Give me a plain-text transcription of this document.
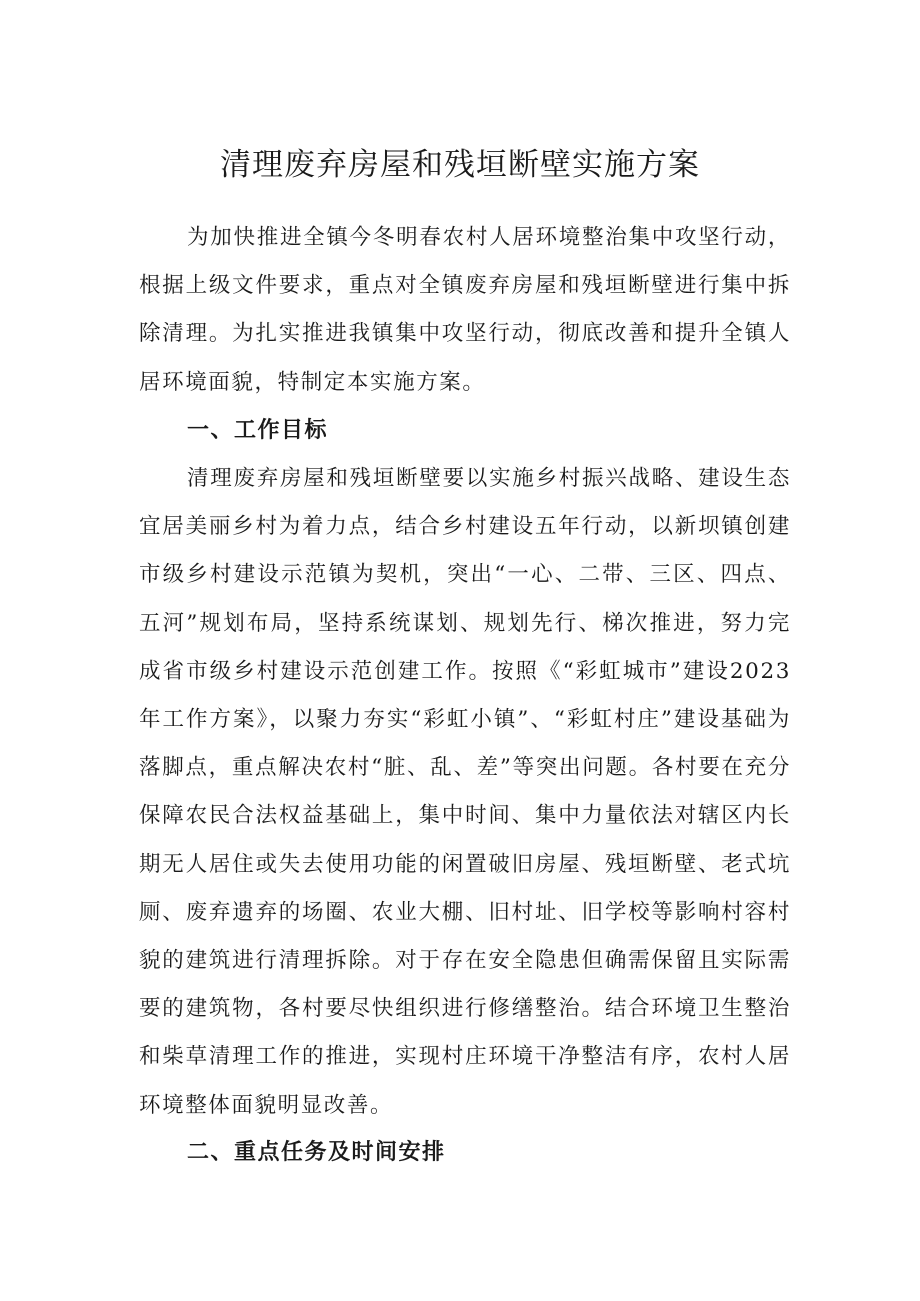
清理废弃房屋和残垣断壁实施方案

为加快推进全镇今冬明春农村人居环境整治集中攻坚行动，根据上级文件要求，重点对全镇废弃房屋和残垣断壁进行集中拆除清理。为扎实推进我镇集中攻坚行动，彻底改善和提升全镇人居环境面貌，特制定本实施方案。

一、工作目标

清理废弃房屋和残垣断壁要以实施乡村振兴战略、建设生态宜居美丽乡村为着力点，结合乡村建设五年行动，以新坝镇创建市级乡村建设示范镇为契机，突出“一心、二带、三区、四点、五河”规划布局，坚持系统谋划、规划先行、梯次推进，努力完成省市级乡村建设示范创建工作。按照《“彩虹城市”建设2023年工作方案》，以聚力夯实“彩虹小镇”、“彩虹村庄”建设基础为落脚点，重点解决农村“脏、乱、差”等突出问题。各村要在充分保障农民合法权益基础上，集中时间、集中力量依法对辖区内长期无人居住或失去使用功能的闲置破旧房屋、残垣断壁、老式坑厕、废弃遗弃的场圈、农业大棚、旧村址、旧学校等影响村容村貌的建筑进行清理拆除。对于存在安全隐患但确需保留且实际需要的建筑物，各村要尽快组织进行修缮整治。结合环境卫生整治和柴草清理工作的推进，实现村庄环境干净整洁有序，农村人居环境整体面貌明显改善。

二、重点任务及时间安排
